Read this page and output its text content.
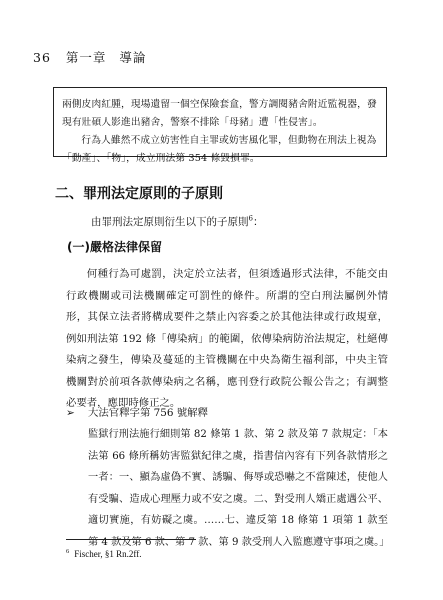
36 第一章 導論

兩側皮肉紅腫，現場遺留一個空保險套盒，警方調閱豬舍附近監視器，發現有壯碩人影進出豬舍，警察不排除「母豬」遭「性侵害」。

行為人雖然不成立妨害性自主罪或妨害風化罪，但動物在刑法上視為「動產」、「物」，成立刑法第 354 條毀損罪。

二、罪刑法定原則的子原則
由罪刑法定原則衍生以下的子原則$^6$：
(一)嚴格法律保留

何種行為可處罰，決定於立法者，但須透過形式法律，不能交由行政機關或司法機關確定可罰性的條件。所謂的空白刑法屬例外情形，其保立法者將構成要件之禁止內容委之於其他法律或行政規章，例如刑法第 192 條「傳染病」的範圍，依傳染病防治法規定，杜絕傳染病之發生，傳染及蔓延的主管機關在中央為衛生福利部，中央主管機關對於前項各款傳染病之名稱，應刊登行政院公報公告之；有調整必要者，應即時修正之。

➢ 大法官釋字第 756 號解釋

監獄行刑法施行細則第 82 條第 1 款、第 2 款及第 7 款規定：「本法第 66 條所稱妨害監獄紀律之虞，指書信內容有下列各款情形之一者：一、顯為虛偽不實、誘騙、侮辱或恐嚇之不當陳述，使他人有受騙、造成心理壓力或不安之虞。二、對受刑人矯正處遇公平、適切實施，有妨礙之虞。……七、違反第 18 條第 1 項第 1 款至第 4 款及第 6 款、第 7 款、第 9 款受刑人入監應遵守事項之虞。」

$^6$ Fischer, §1 Rn.2ff.
